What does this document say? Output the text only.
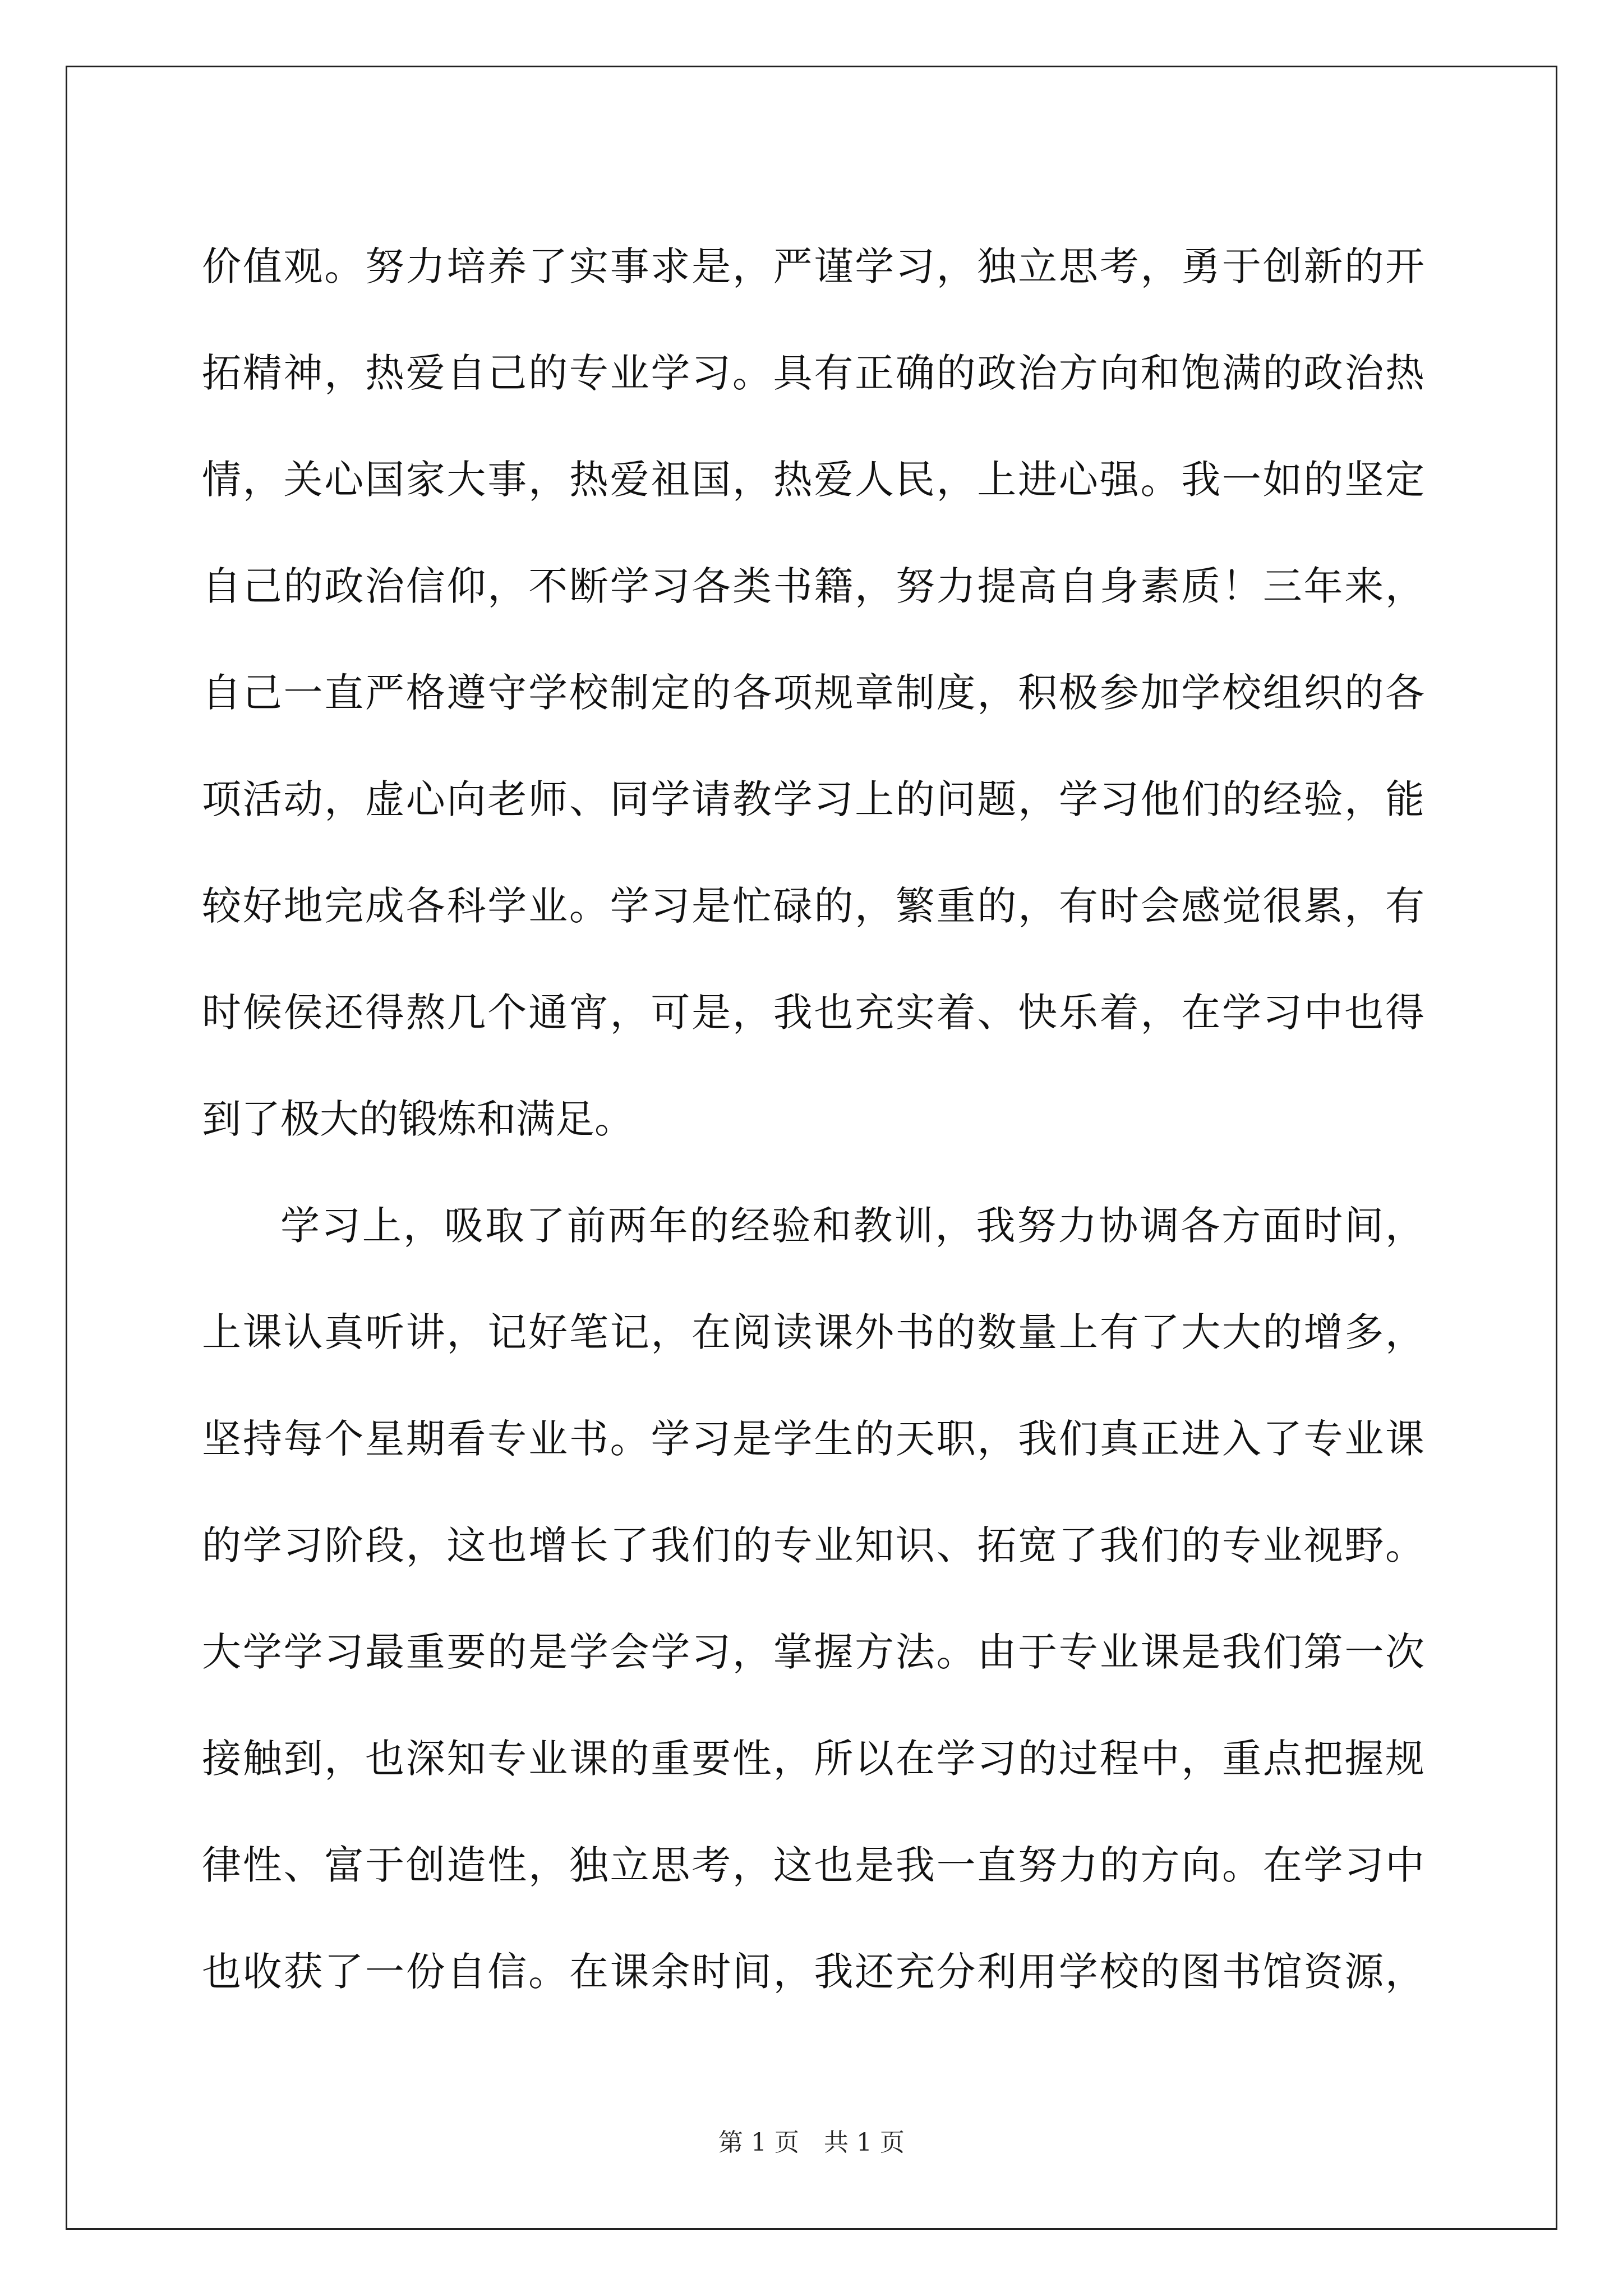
价值观。努力培养了实事求是，严谨学习，独立思考，勇于创新的开
拓精神，热爱自己的专业学习。具有正确的政治方向和饱满的政治热
情，关心国家大事，热爱祖国，热爱人民，上进心强。我一如的坚定
自己的政治信仰，不断学习各类书籍，努力提高自身素质！三年来，
自己一直严格遵守学校制定的各项规章制度，积极参加学校组织的各
项活动，虚心向老师、同学请教学习上的问题，学习他们的经验，能
较好地完成各科学业。学习是忙碌的，繁重的，有时会感觉很累，有
时候侯还得熬几个通宵，可是，我也充实着、快乐着，在学习中也得
到了极大的锻炼和满足。
学习上，吸取了前两年的经验和教训，我努力协调各方面时间，
上课认真听讲，记好笔记，在阅读课外书的数量上有了大大的增多，
坚持每个星期看专业书。学习是学生的天职，我们真正进入了专业课
的学习阶段，这也增长了我们的专业知识、拓宽了我们的专业视野。
大学学习最重要的是学会学习，掌握方法。由于专业课是我们第一次
接触到，也深知专业课的重要性，所以在学习的过程中，重点把握规
律性、富于创造性，独立思考，这也是我一直努力的方向。在学习中
也收获了一份自信。在课余时间，我还充分利用学校的图书馆资源，
第 1 页　共 1 页
